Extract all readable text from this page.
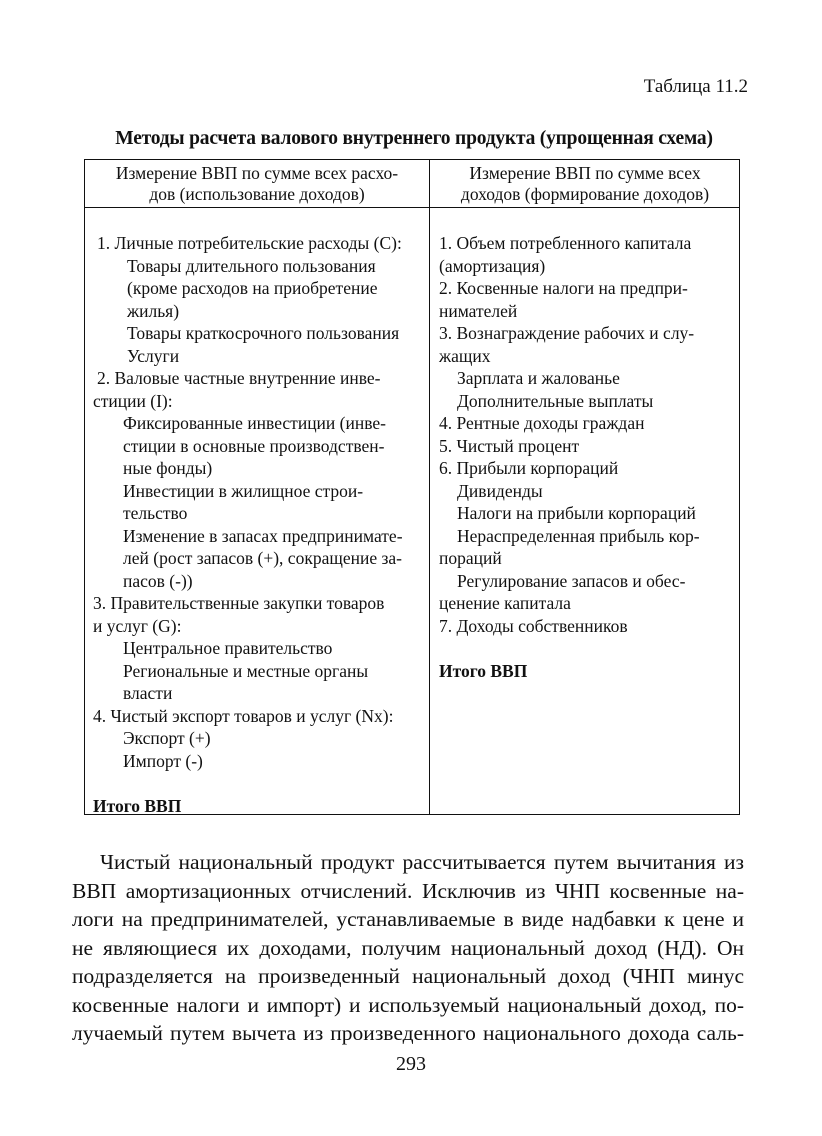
Таблица 11.2
Методы расчета валового внутреннего продукта (упрощенная схема)
Измерение ВВП по сумме всех расхо-
дов (использование доходов)
Измерение ВВП по сумме всех
доходов (формирование доходов)
1. Личные потребительские расходы (C):
Товары длительного пользования
(кроме расходов на приобретение
жилья)
Товары краткосрочного пользования
Услуги
2. Валовые частные внутренние инве-
стиции (I):
Фиксированные инвестиции (инве-
стиции в основные производствен-
ные фонды)
Инвестиции в жилищное строи-
тельство
Изменение в запасах предпринимате-
лей (рост запасов (+), сокращение за-
пасов (-))
3. Правительственные закупки товаров
и услуг (G):
Центральное правительство
Региональные и местные органы
власти
4. Чистый экспорт товаров и услуг (Nx):
Экспорт (+)
Импорт (-)
Итого ВВП
1. Объем потребленного капитала
(амортизация)
2. Косвенные налоги на предпри-
нимателей
3. Вознаграждение рабочих и слу-
жащих
Зарплата и жалованье
Дополнительные выплаты
4. Рентные доходы граждан
5. Чистый процент
6. Прибыли корпораций
Дивиденды
Налоги на прибыли корпораций
Нераспределенная прибыль кор-
пораций
Регулирование запасов и обес-
ценение капитала
7. Доходы собственников
Итого ВВП
Чистый национальный продукт рассчитывается путем вычитания из
ВВП амортизационных отчислений. Исключив из ЧНП косвенные на-
логи на предпринимателей, устанавливаемые в виде надбавки к цене и
не являющиеся их доходами, получим национальный доход (НД). Он
подразделяется на произведенный национальный доход (ЧНП минус
косвенные налоги и импорт) и используемый национальный доход, по-
лучаемый путем вычета из произведенного национального дохода саль-
293
